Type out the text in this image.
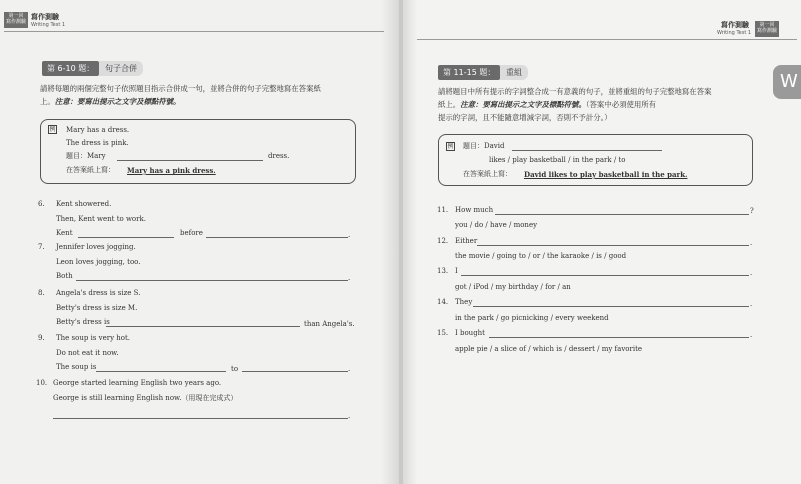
第一回
寫作測驗
寫作測驗
Writing Test 1
第 6-10 題：	句子合併
請將每題的兩個完整句子依照題目指示合併成一句，並將合併的句子完整地寫在答案紙
上。注意：要寫出提示之文字及標點符號。
例 Mary has a dress.
The dress is pink.
題目：Mary	dress.
在答案紙上寫： Mary has a pink dress.
6. Kent showered.
Then, Kent went to work.
Kent	before	.
7. Jennifer loves jogging.
Leon loves jogging, too.
Both	.
8. Angela's dress is size S.
Betty's dress is size M.
Betty's dress is	than Angela's.
9. The soup is very hot.
Do not eat it now.
The soup is	to	.
10. George started learning English two years ago.
George is still learning English now.（用現在完成式）
.
寫作測驗
Writing Test 1
第一回
寫作測驗
W
第 11-15 題：	重組
請將題目中所有提示的字詞整合成一有意義的句子，並將重組的句子完整地寫在答案
紙上。注意：要寫出提示之文字及標點符號。（答案中必須使用所有
提示的字詞，且不能隨意增減字詞，否則不予計分。）
例 題目：David
likes / play basketball / in the park / to
在答案紙上寫： David likes to play basketball in the park.
11. How much	?
you / do / have / money
12. Either	.
the movie / going to / or / the karaoke / is / good
13. I	.
got / iPod / my birthday / for / an
14. They	.
in the park / go picnicking / every weekend
15. I bought	.
apple pie / a slice of / which is / dessert / my favorite
